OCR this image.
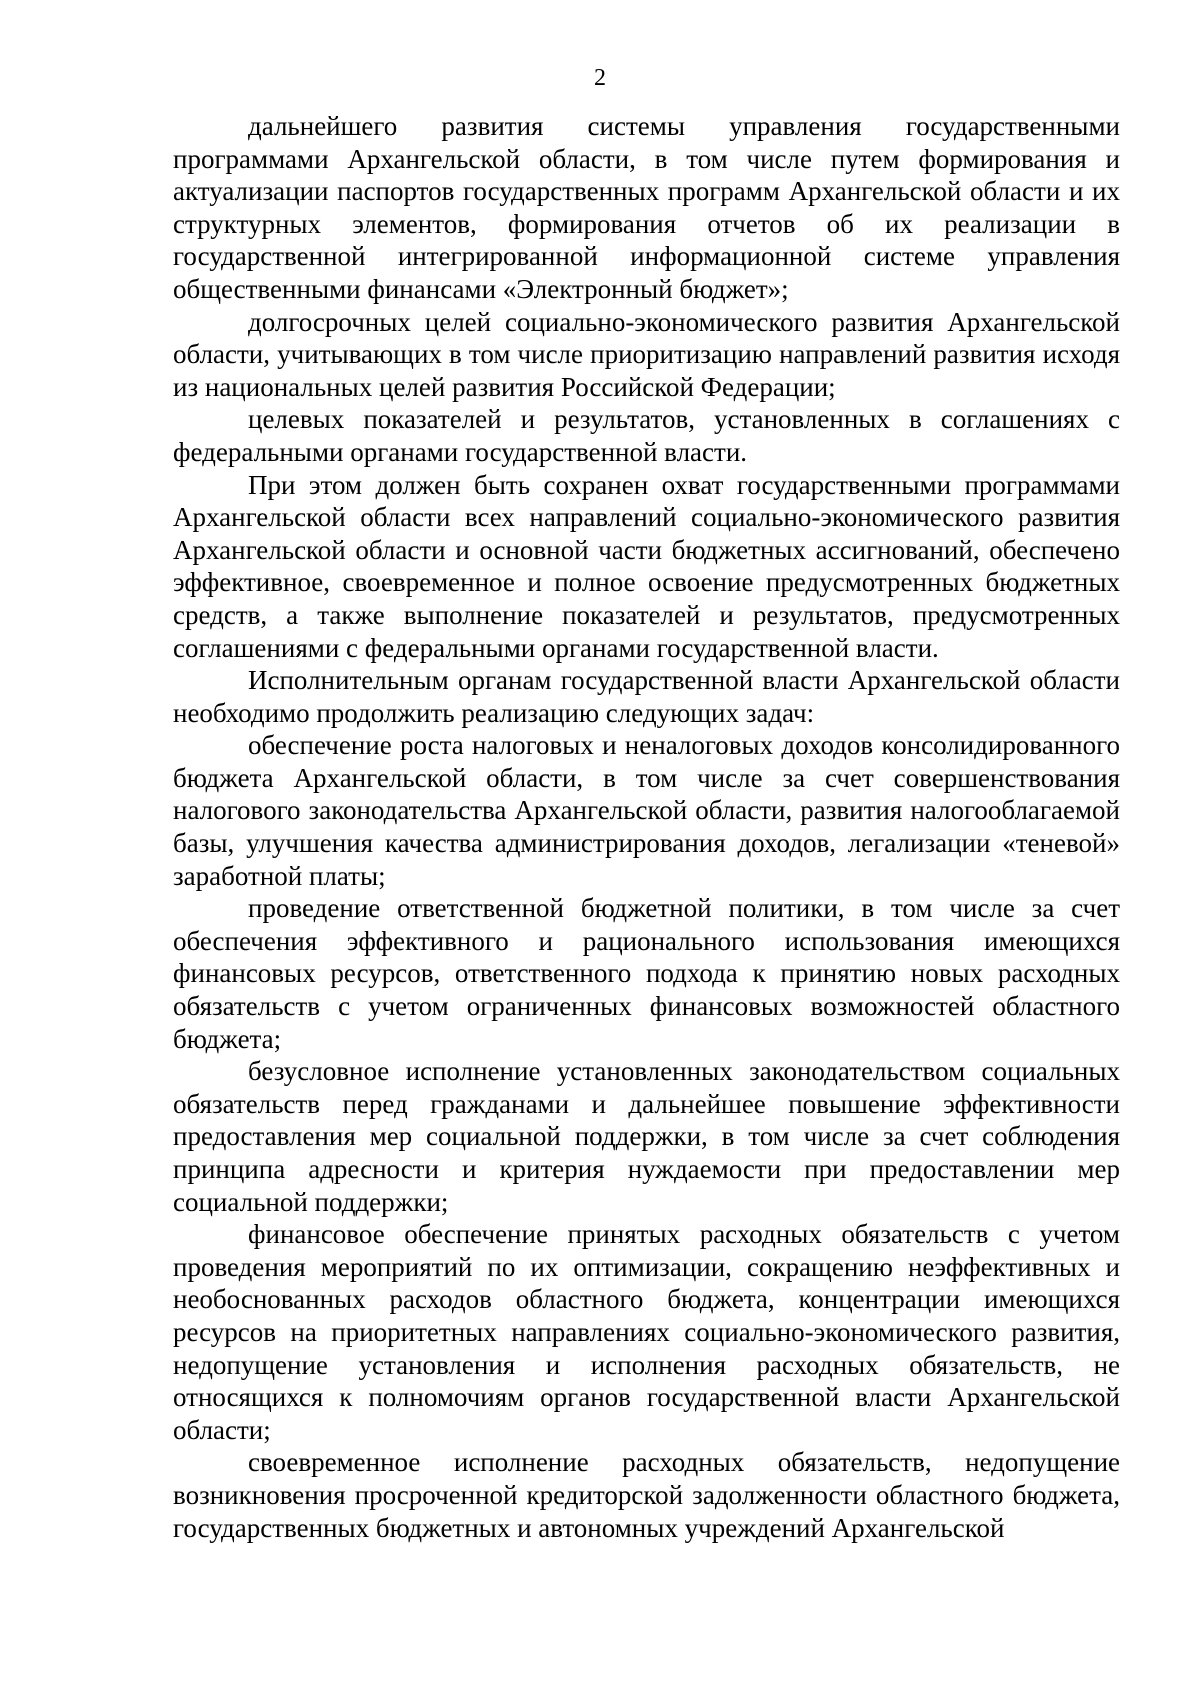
2

дальнейшего развития системы управления государственными программами Архангельской области, в том числе путем формирования и актуализации паспортов государственных программ Архангельской области и их структурных элементов, формирования отчетов об их реализации в государственной интегрированной информационной системе управления общественными финансами «Электронный бюджет»;

долгосрочных целей социально-экономического развития Архангельской области, учитывающих в том числе приоритизацию направлений развития исходя из национальных целей развития Российской Федерации;

целевых показателей и результатов, установленных в соглашениях с федеральными органами государственной власти.

При этом должен быть сохранен охват государственными программами Архангельской области всех направлений социально-экономического развития Архангельской области и основной части бюджетных ассигнований, обеспечено эффективное, своевременное и полное освоение предусмотренных бюджетных средств, а также выполнение показателей и результатов, предусмотренных соглашениями с федеральными органами государственной власти.

Исполнительным органам государственной власти Архангельской области необходимо продолжить реализацию следующих задач:

обеспечение роста налоговых и неналоговых доходов консолидированного бюджета Архангельской области, в том числе за счет совершенствования налогового законодательства Архангельской области, развития налогооблагаемой базы, улучшения качества администрирования доходов, легализации «теневой» заработной платы;

проведение ответственной бюджетной политики, в том числе за счет обеспечения эффективного и рационального использования имеющихся финансовых ресурсов, ответственного подхода к принятию новых расходных обязательств с учетом ограниченных финансовых возможностей областного бюджета;

безусловное исполнение установленных законодательством социальных обязательств перед гражданами и дальнейшее повышение эффективности предоставления мер социальной поддержки, в том числе за счет соблюдения принципа адресности и критерия нуждаемости при предоставлении мер социальной поддержки;

финансовое обеспечение принятых расходных обязательств с учетом проведения мероприятий по их оптимизации, сокращению неэффективных и необоснованных расходов областного бюджета, концентрации имеющихся ресурсов на приоритетных направлениях социально-экономического развития, недопущение установления и исполнения расходных обязательств, не относящихся к полномочиям органов государственной власти Архангельской области;

своевременное исполнение расходных обязательств, недопущение возникновения просроченной кредиторской задолженности областного бюджета, государственных бюджетных и автономных учреждений Архангельской
